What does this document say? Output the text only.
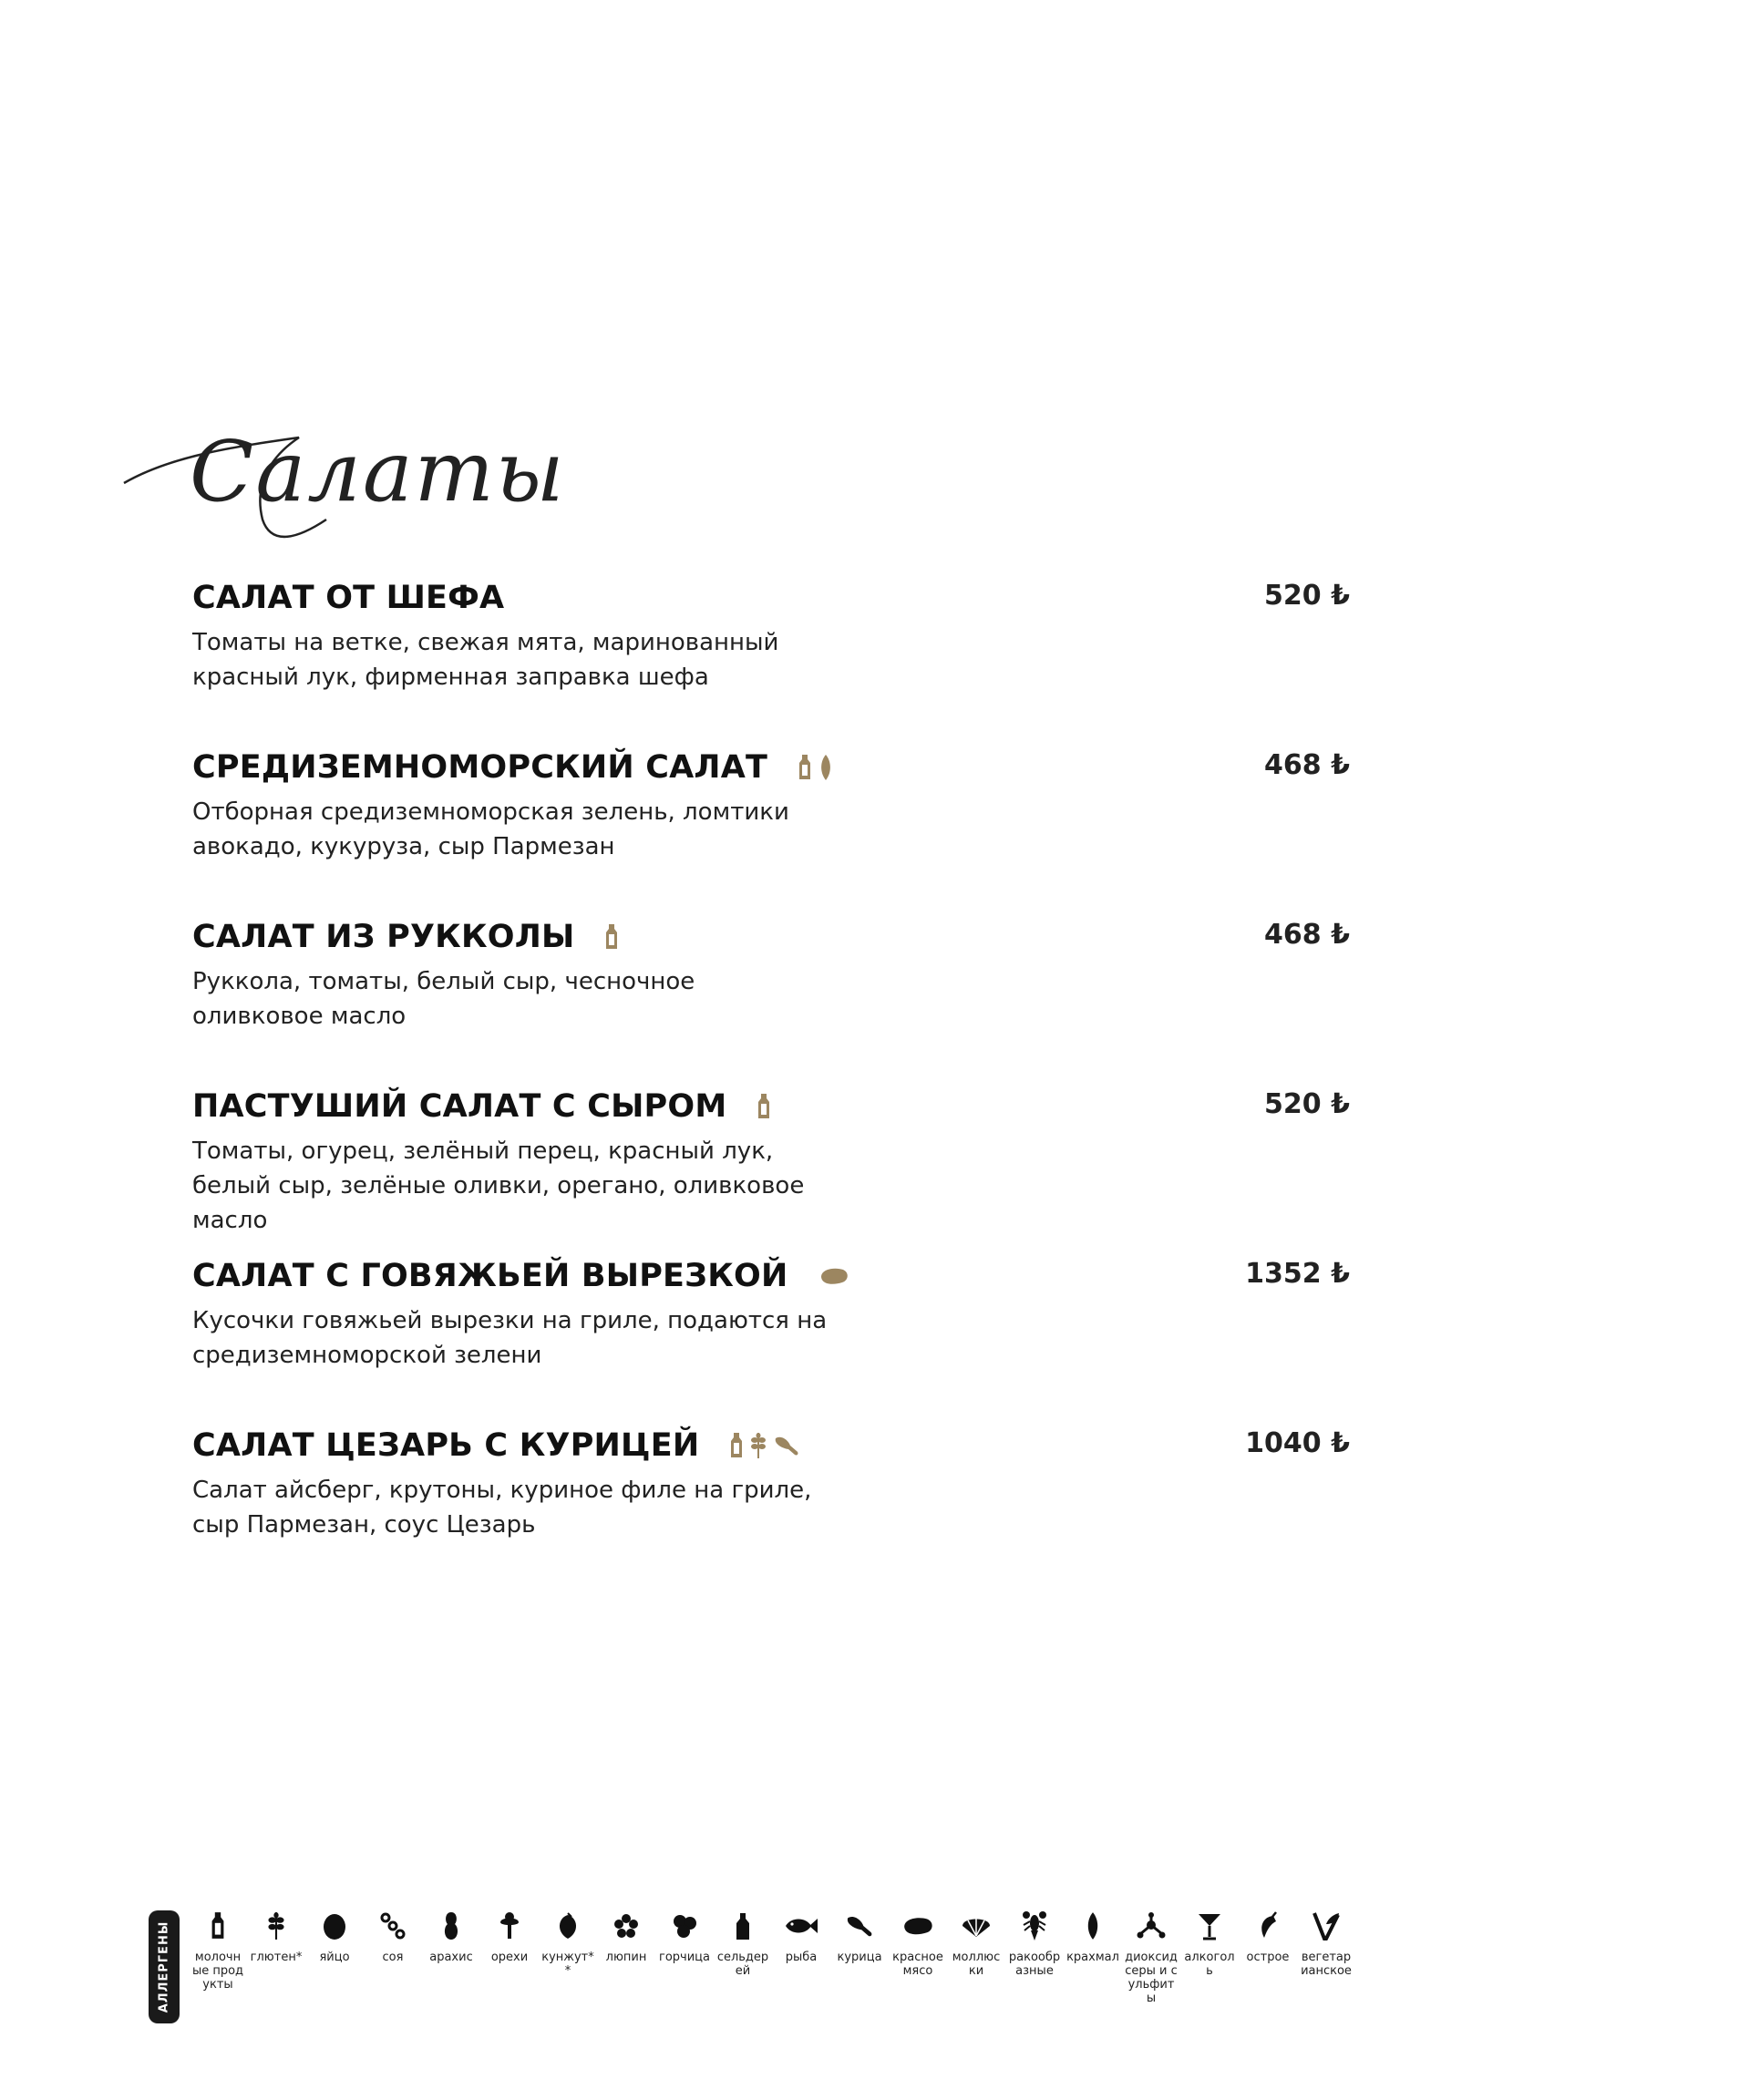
Салаты
САЛАТ ОТ ШЕФА	520 ₺
Томаты на ветке, свежая мята, маринованный красный лук, фирменная заправка шефа
СРЕДИЗЕМНОМОРСКИЙ САЛАТ	468 ₺
Отборная средиземноморская зелень, ломтики авокадо, кукуруза, сыр Пармезан
САЛАТ ИЗ РУККОЛЫ	468 ₺
Руккола, томаты, белый сыр, чесночное оливковое масло
ПАСТУШИЙ САЛАТ С СЫРОМ	520 ₺
Томаты, огурец, зелёный перец, красный лук, белый сыр, зелёные оливки, орегано, оливковое масло
САЛАТ С ГОВЯЖЬЕЙ ВЫРЕЗКОЙ	1352 ₺
Кусочки говяжьей вырезки на гриле, подаются на средиземноморской зелени
САЛАТ ЦЕЗАРЬ С КУРИЦЕЙ	1040 ₺
Салат айсберг, крутоны, куриное филе на гриле, сыр Пармезан, соус Цезарь
АЛЛЕРГЕНЫ	молочные продукты
глютен*	яйцо	соя	арахис	орехи	кунжут**
люпин	горчица сельдерей
рыба	курица красное мясо
моллюски
ракообразные
крахмал диоксид серы и сульфиты
алкоголь
острое	вегетарианское
